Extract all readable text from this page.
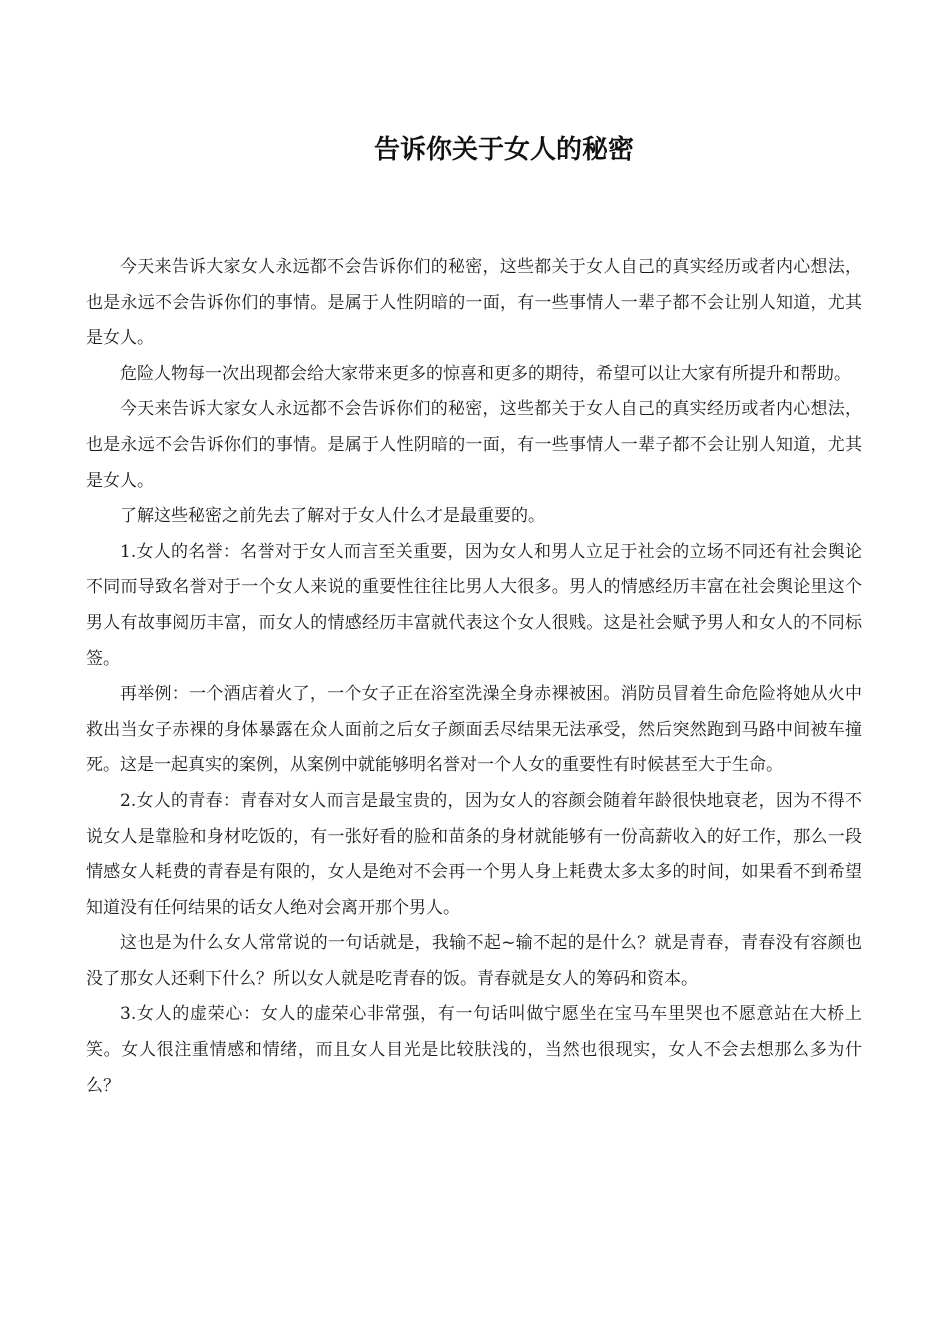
告诉你关于女人的秘密

今天来告诉大家女人永远都不会告诉你们的秘密，这些都关于女人自己的真实经历或者内心想法，也是永远不会告诉你们的事情。是属于人性阴暗的一面，有一些事情人一辈子都不会让别人知道，尤其是女人。

危险人物每一次出现都会给大家带来更多的惊喜和更多的期待，希望可以让大家有所提升和帮助。

今天来告诉大家女人永远都不会告诉你们的秘密，这些都关于女人自己的真实经历或者内心想法，也是永远不会告诉你们的事情。是属于人性阴暗的一面，有一些事情人一辈子都不会让别人知道，尤其是女人。

了解这些秘密之前先去了解对于女人什么才是最重要的。

1.女人的名誉：名誉对于女人而言至关重要，因为女人和男人立足于社会的立场不同还有社会舆论不同而导致名誉对于一个女人来说的重要性往往比男人大很多。男人的情感经历丰富在社会舆论里这个男人有故事阅历丰富，而女人的情感经历丰富就代表这个女人很贱。这是社会赋予男人和女人的不同标签。

再举例：一个酒店着火了，一个女子正在浴室洗澡全身赤裸被困。消防员冒着生命危险将她从火中救出当女子赤裸的身体暴露在众人面前之后女子颜面丢尽结果无法承受，然后突然跑到马路中间被车撞死。这是一起真实的案例，从案例中就能够明名誉对一个人女的重要性有时候甚至大于生命。

2.女人的青春：青春对女人而言是最宝贵的，因为女人的容颜会随着年龄很快地衰老，因为不得不说女人是靠脸和身材吃饭的，有一张好看的脸和苗条的身材就能够有一份高薪收入的好工作，那么一段情感女人耗费的青春是有限的，女人是绝对不会再一个男人身上耗费太多太多的时间，如果看不到希望知道没有任何结果的话女人绝对会离开那个男人。

这也是为什么女人常常说的一句话就是，我输不起~输不起的是什么？就是青春，青春没有容颜也没了那女人还剩下什么？所以女人就是吃青春的饭。青春就是女人的筹码和资本。

3.女人的虚荣心：女人的虚荣心非常强，有一句话叫做宁愿坐在宝马车里哭也不愿意站在大桥上笑。女人很注重情感和情绪，而且女人目光是比较肤浅的，当然也很现实，女人不会去想那么多为什么？
